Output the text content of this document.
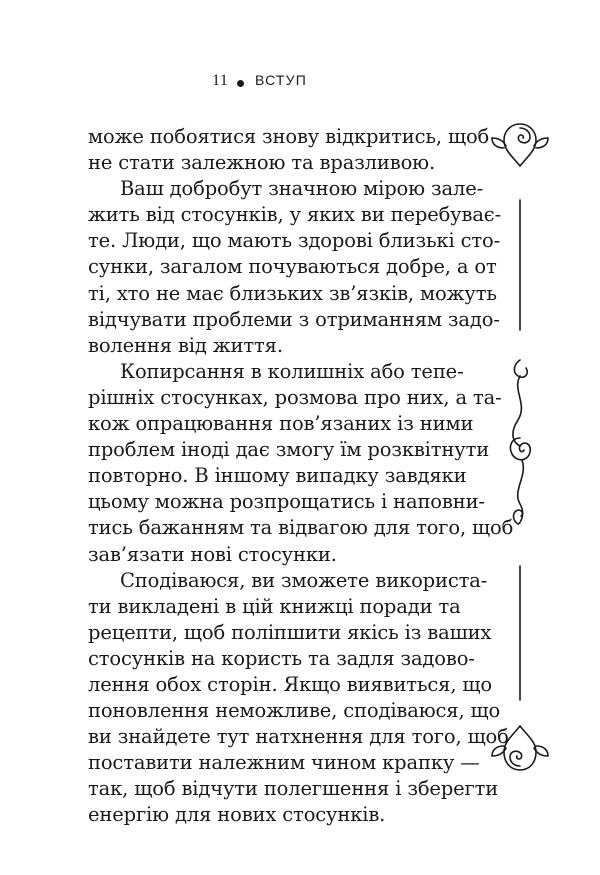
11 ВСТУП
може побоятися знову відкритись, щоб
не стати залежною та вразливою.
Ваш добробут значною мірою зале-
жить від стосунків, у яких ви перебуває-
те. Люди, що мають здорові близькі сто-
сунки, загалом почуваються добре, а от
ті, хто не має близьких зв’язків, можуть
відчувати проблеми з отриманням задо-
волення від життя.
Копирсання в колишніх або тепе-
рішніх стосунках, розмова про них, а та-
кож опрацювання пов’язаних із ними
проблем іноді дає змогу їм розквітнути
повторно. В іншому випадку завдяки
цьому можна розпрощатись і наповни-
тись бажанням та відвагою для того, щоб
зав’язати нові стосунки.
Сподіваюся, ви зможете використа-
ти викладені в цій книжці поради та
рецепти, щоб поліпшити якісь із ваших
стосунків на користь та задля задово-
лення обох сторін. Якщо виявиться, що
поновлення неможливе, сподіваюся, що
ви знайдете тут натхнення для того, щоб
поставити належним чином крапку —
так, щоб відчути полегшення і зберегти
енергію для нових стосунків.
